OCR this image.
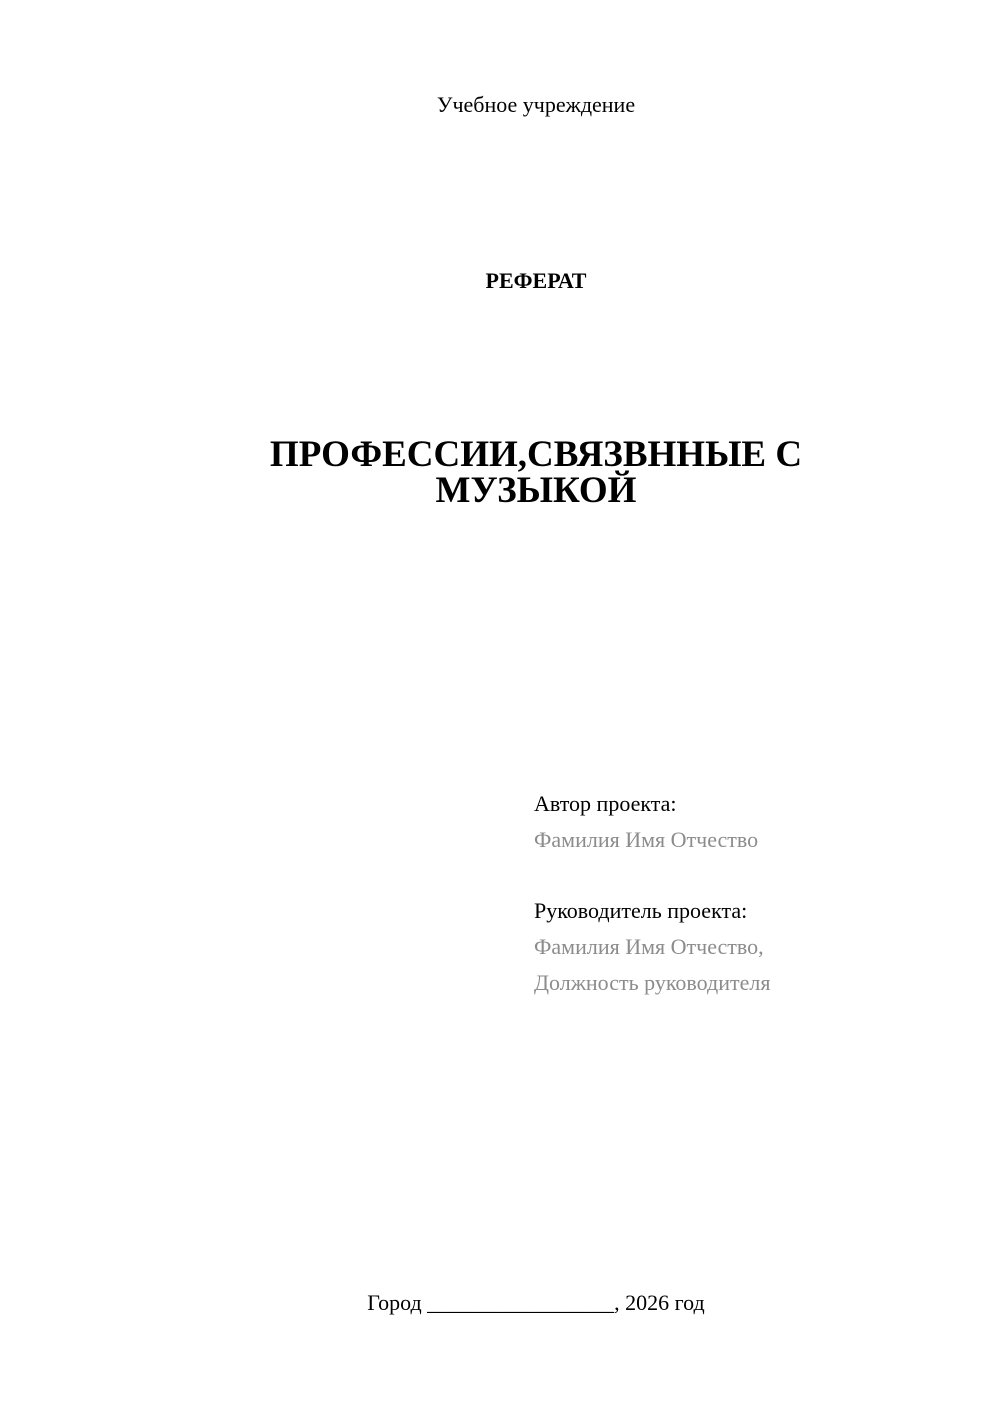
Учебное учреждение
РЕФЕРАТ
ПРОФЕССИИ,СВЯЗВННЫЕ С
МУЗЫКОЙ
Автор проекта:
Фамилия Имя Отчество
Руководитель проекта:
Фамилия Имя Отчество,
Должность руководителя
Город _________________, 2026 год
